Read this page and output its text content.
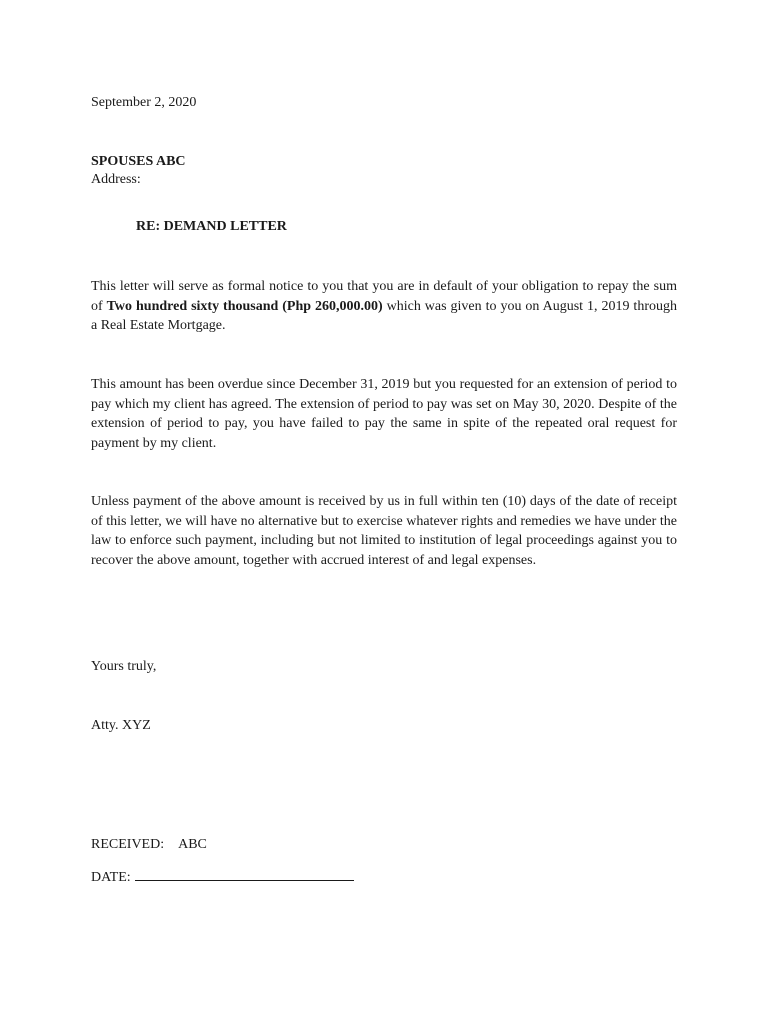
September 2, 2020
SPOUSES ABC
Address:
RE: DEMAND LETTER
This letter will serve as formal notice to you that you are in default of your obligation to repay the sum of Two hundred sixty thousand (Php 260,000.00) which was given to you on August 1, 2019 through a Real Estate Mortgage.
This amount has been overdue since December 31, 2019 but you requested for an extension of period to pay which my client has agreed. The extension of period to pay was set on May 30, 2020. Despite of the extension of period to pay, you have failed to pay the same in spite of the repeated oral request for payment by my client.
Unless payment of the above amount is received by us in full within ten (10) days of the date of receipt of this letter, we will have no alternative but to exercise whatever rights and remedies we have under the law to enforce such payment, including but not limited to institution of legal proceedings against you to recover the above amount, together with accrued interest of and legal expenses.
Yours truly,
Atty. XYZ
RECEIVED: ABC
DATE:
